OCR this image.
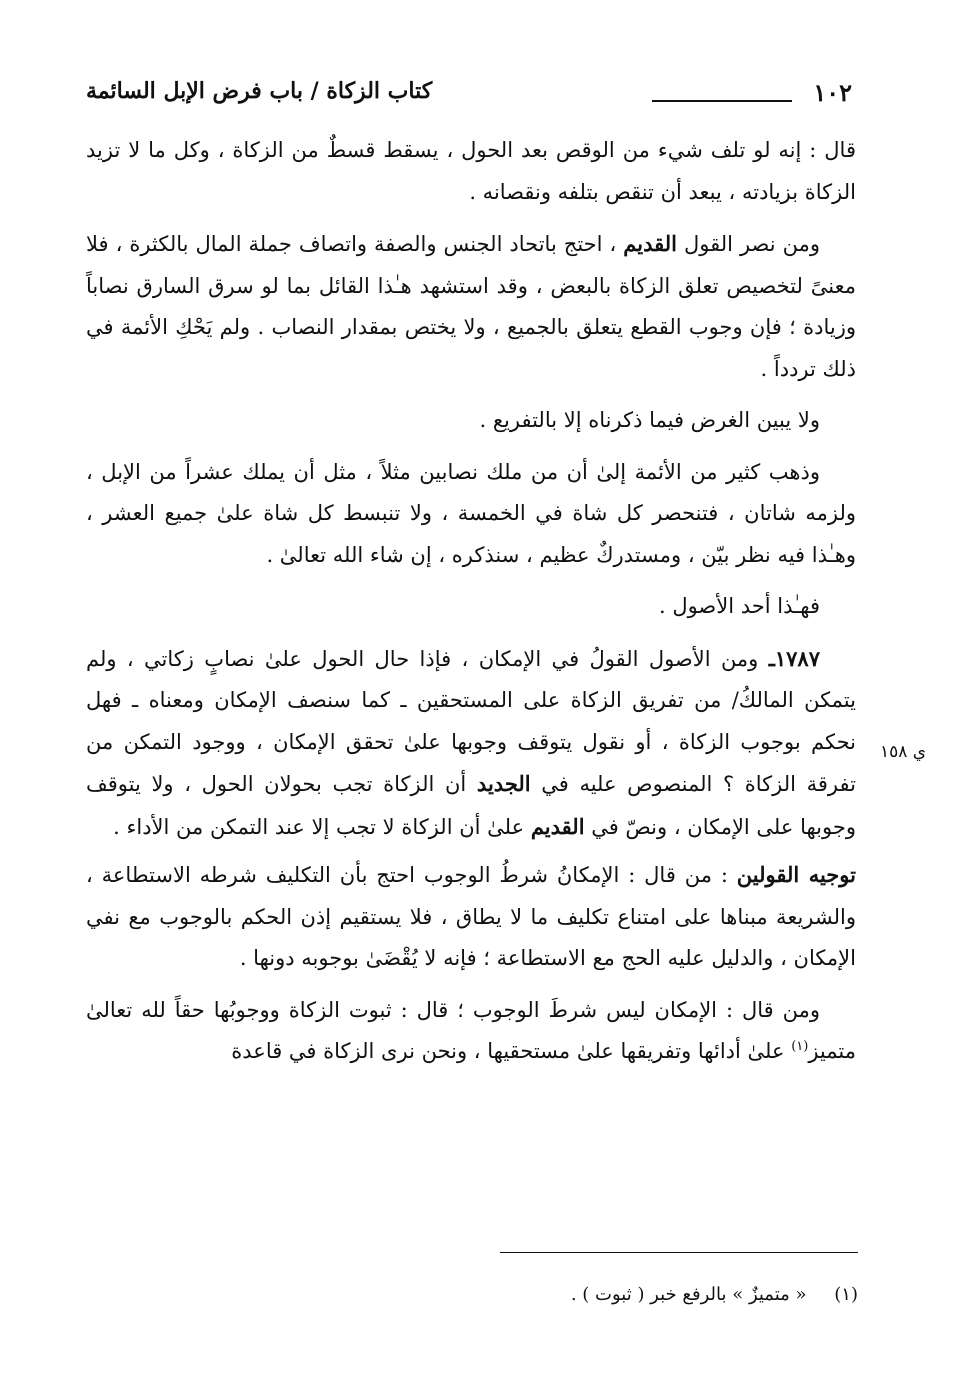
١٠٢
كتاب الزكاة / باب فرض الإبل السائمة

قال : إنه لو تلف شيء من الوقص بعد الحول ، يسقط قسطٌ من الزكاة ، وكل ما لا تزيد الزكاة بزيادته ، يبعد أن تنقص بتلفه ونقصانه .

ومن نصر القول القديم ، احتج باتحاد الجنس والصفة واتصاف جملة المال بالكثرة ، فلا معنىً لتخصيص تعلق الزكاة بالبعض ، وقد استشهد هـٰذا القائل بما لو سرق السارق نصاباً وزيادة ؛ فإن وجوب القطع يتعلق بالجميع ، ولا يختص بمقدار النصاب . ولم يَحْكِ الأئمة في ذلك تردداً .

ولا يبين الغرض فيما ذكرناه إلا بالتفريع .

وذهب كثير من الأئمة إلىٰ أن من ملك نصابين مثلاً ، مثل أن يملك عشراً من الإبل ، ولزمه شاتان ، فتنحصر كل شاة في الخمسة ، ولا تنبسط كل شاة علىٰ جميع العشر ، وهـٰذا فيه نظر بيّن ، ومستدركٌ عظيم ، سنذكره ، إن شاء الله تعالىٰ .

فهـٰذا أحد الأصول .

١٧٨٧ـ ومن الأصول القولُ في الإمكان ، فإذا حال الحول علىٰ نصابٍ زكاتي ، ولم يتمكن المالكُ/ من تفريق الزكاة على المستحقين ـ كما سنصف الإمكان ومعناه ـ فهل نحكم بوجوب الزكاة ، أو نقول يتوقف وجوبها علىٰ تحقق الإمكان ، ووجود التمكن من تفرقة الزكاة ؟ المنصوص عليه في الجديد أن الزكاة تجب بحولان الحول ، ولا يتوقف وجوبها على الإمكان ، ونصّ في القديم علىٰ أن الزكاة لا تجب إلا عند التمكن من الأداء .

توجيه القولين : من قال : الإمكانُ شرطُ الوجوب احتج بأن التكليف شرطه الاستطاعة ، والشريعة مبناها على امتناع تكليف ما لا يطاق ، فلا يستقيم إذن الحكم بالوجوب مع نفي الإمكان ، والدليل عليه الحج مع الاستطاعة ؛ فإنه لا يُقْضَىٰ بوجوبه دونها .

ومن قال : الإمكان ليس شرطَ الوجوب ؛ قال : ثبوت الزكاة ووجوبُها حقاً لله تعالىٰ متميز$^{(١)}$ علىٰ أدائها وتفريقها علىٰ مستحقيها ، ونحن نرى الزكاة في قاعدة

ي ١٥٨
(١) « متميزٌ » بالرفع خبر ( ثبوت ) .
